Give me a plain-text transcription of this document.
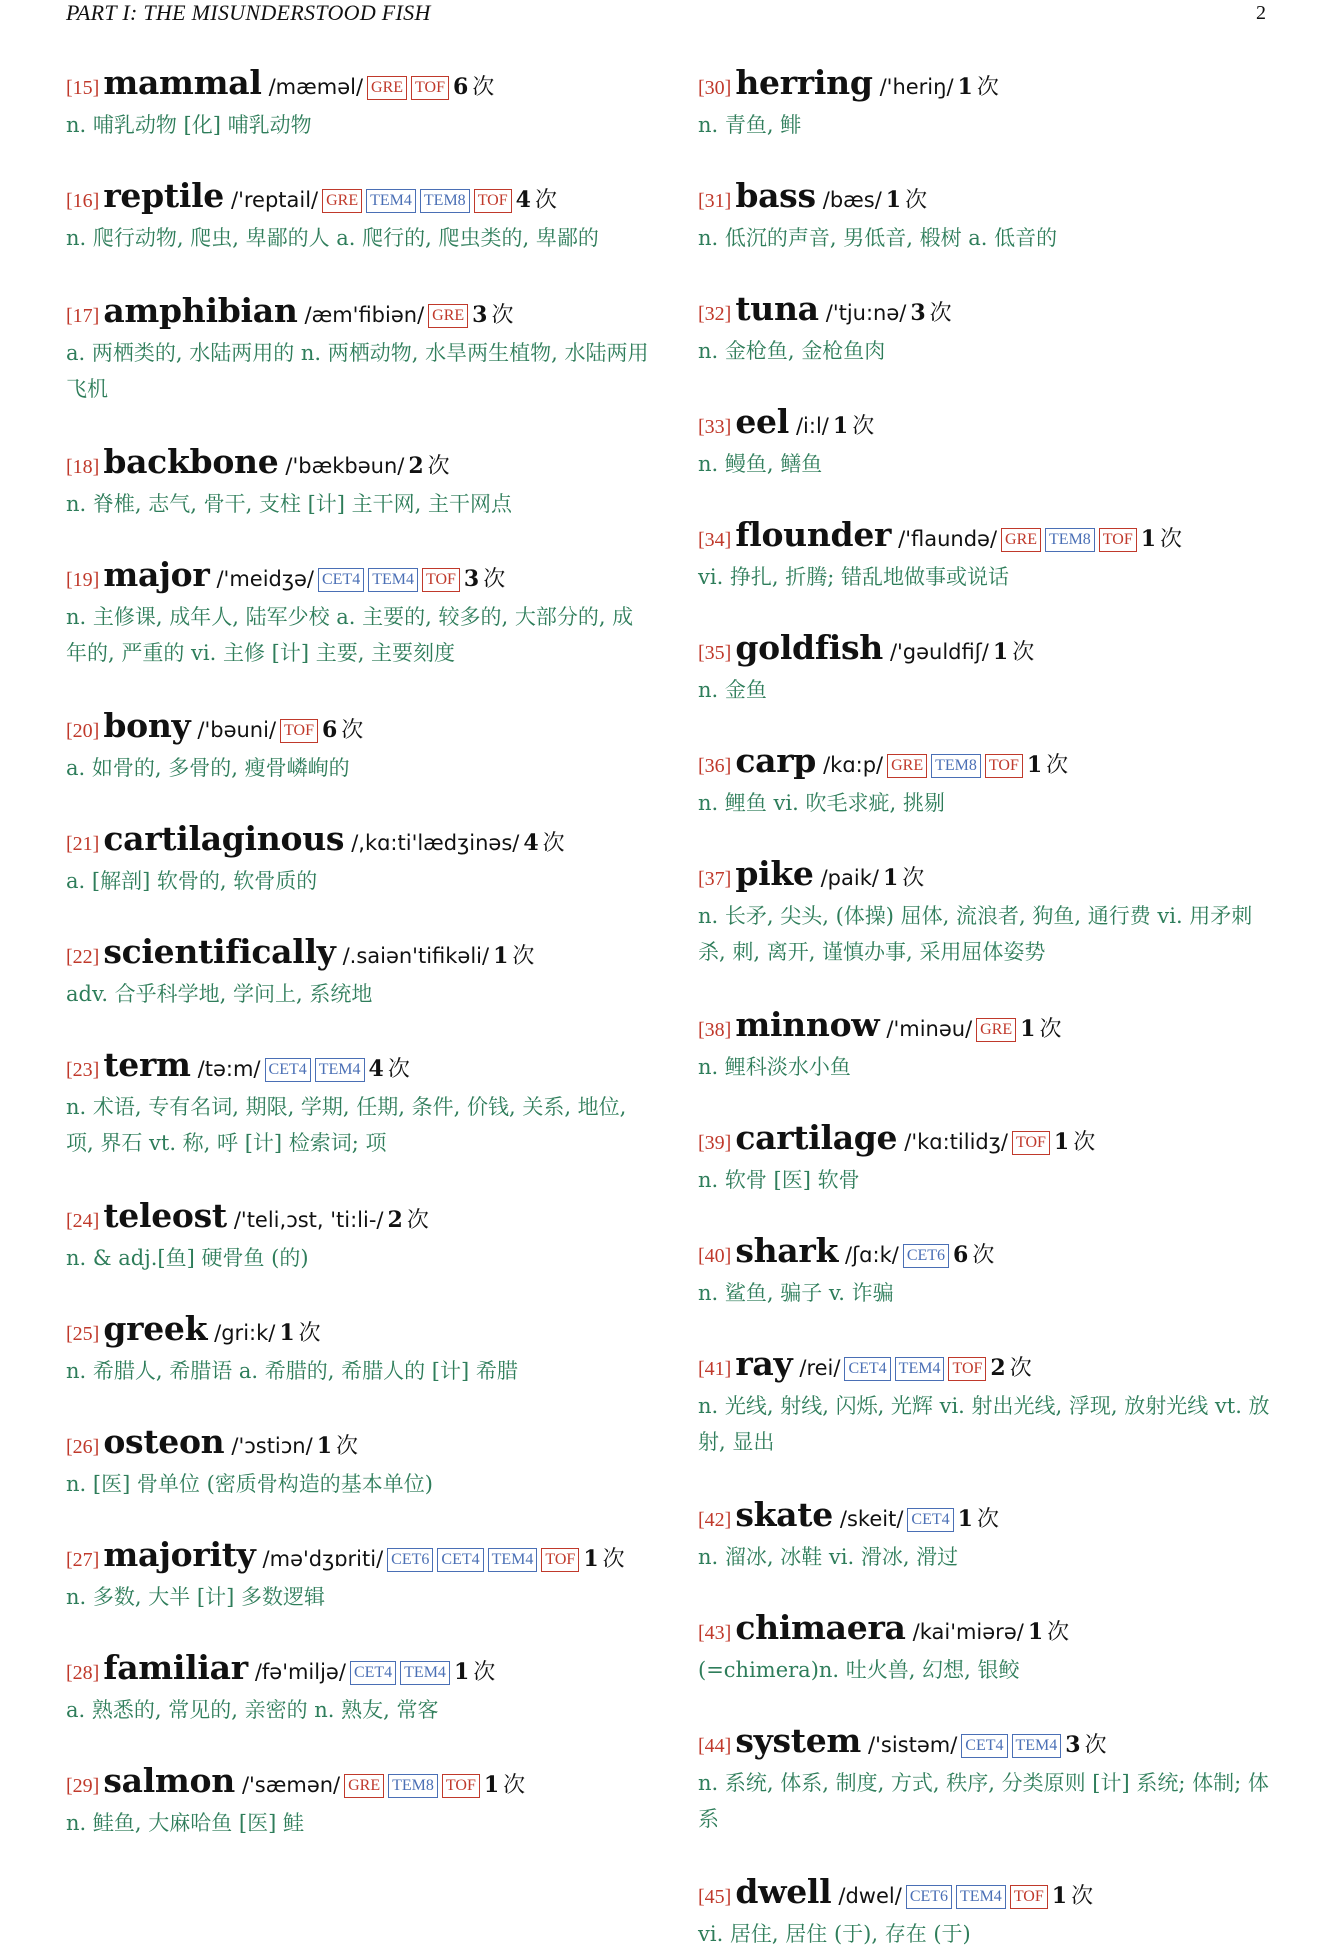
PART I: THE MISUNDERSTOOD FISH	2
[15] mammal /mæməl/ GRE TOF 6 次
n. 哺乳动物 [化] 哺乳动物
[16] reptile /'reptail/ GRE TEM4 TEM8 TOF 4 次
n. 爬行动物, 爬虫, 卑鄙的人 a. 爬行的, 爬虫类的, 卑鄙的
[17] amphibian /æm'fibiən/ GRE 3 次
a. 两栖类的, 水陆两用的 n. 两栖动物, 水旱两生植物, 水陆两用飞机
[18] backbone /'bækbəun/ 2 次
n. 脊椎, 志气, 骨干, 支柱 [计] 主干网, 主干网点
[19] major /'meidʒə/ CET4 TEM4 TOF 3 次
n. 主修课, 成年人, 陆军少校 a. 主要的, 较多的, 大部分的, 成年的, 严重的 vi. 主修 [计] 主要, 主要刻度
[20] bony /'bəuni/ TOF 6 次
a. 如骨的, 多骨的, 瘦骨嶙峋的
[21] cartilaginous /,kɑ:ti'lædʒinəs/ 4 次
a. [解剖] 软骨的, 软骨质的
[22] scientifically /.saiən'tifikəli/ 1 次
adv. 合乎科学地, 学问上, 系统地
[23] term /tə:m/ CET4 TEM4 4 次
n. 术语, 专有名词, 期限, 学期, 任期, 条件, 价钱, 关系, 地位, 项, 界石 vt. 称, 呼 [计] 检索词; 项
[24] teleost /'teli,ɔst, 'ti:li-/ 2 次
n. & adj.[鱼] 硬骨鱼 (的)
[25] greek /gri:k/ 1 次
n. 希腊人, 希腊语 a. 希腊的, 希腊人的 [计] 希腊
[26] osteon /'ɔstiɔn/ 1 次
n. [医] 骨单位 (密质骨构造的基本单位)
[27] majority /mə'dʒɒriti/ CET6 CET4 TEM4 TOF 1 次
n. 多数, 大半 [计] 多数逻辑
[28] familiar /fə'miljə/ CET4 TEM4 1 次
a. 熟悉的, 常见的, 亲密的 n. 熟友, 常客
[29] salmon /'sæmən/ GRE TEM8 TOF 1 次
n. 鲑鱼, 大麻哈鱼 [医] 鲑
[30] herring /'heriŋ/ 1 次
n. 青鱼, 鲱
[31] bass /bæs/ 1 次
n. 低沉的声音, 男低音, 椴树 a. 低音的
[32] tuna /'tju:nə/ 3 次
n. 金枪鱼, 金枪鱼肉
[33] eel /i:l/ 1 次
n. 鳗鱼, 鳝鱼
[34] flounder /'flaundə/ GRE TEM8 TOF 1 次
vi. 挣扎, 折腾; 错乱地做事或说话
[35] goldfish /'gəuldfiʃ/ 1 次
n. 金鱼
[36] carp /kɑ:p/ GRE TEM8 TOF 1 次
n. 鲤鱼 vi. 吹毛求疵, 挑剔
[37] pike /paik/ 1 次
n. 长矛, 尖头, (体操) 屈体, 流浪者, 狗鱼, 通行费 vi. 用矛刺杀, 刺, 离开, 谨慎办事, 采用屈体姿势
[38] minnow /'minəu/ GRE 1 次
n. 鲤科淡水小鱼
[39] cartilage /'kɑ:tilidʒ/ TOF 1 次
n. 软骨 [医] 软骨
[40] shark /ʃɑ:k/ CET6 6 次
n. 鲨鱼, 骗子 v. 诈骗
[41] ray /rei/ CET4 TEM4 TOF 2 次
n. 光线, 射线, 闪烁, 光辉 vi. 射出光线, 浮现, 放射光线 vt. 放射, 显出
[42] skate /skeit/ CET4 1 次
n. 溜冰, 冰鞋 vi. 滑冰, 滑过
[43] chimaera /kai'miərə/ 1 次
(=chimera)n. 吐火兽, 幻想, 银鲛
[44] system /'sistəm/ CET4 TEM4 3 次
n. 系统, 体系, 制度, 方式, 秩序, 分类原则 [计] 系统; 体制; 体系
[45] dwell /dwel/ CET6 TEM4 TOF 1 次
vi. 居住, 居住 (于), 存在 (于)
